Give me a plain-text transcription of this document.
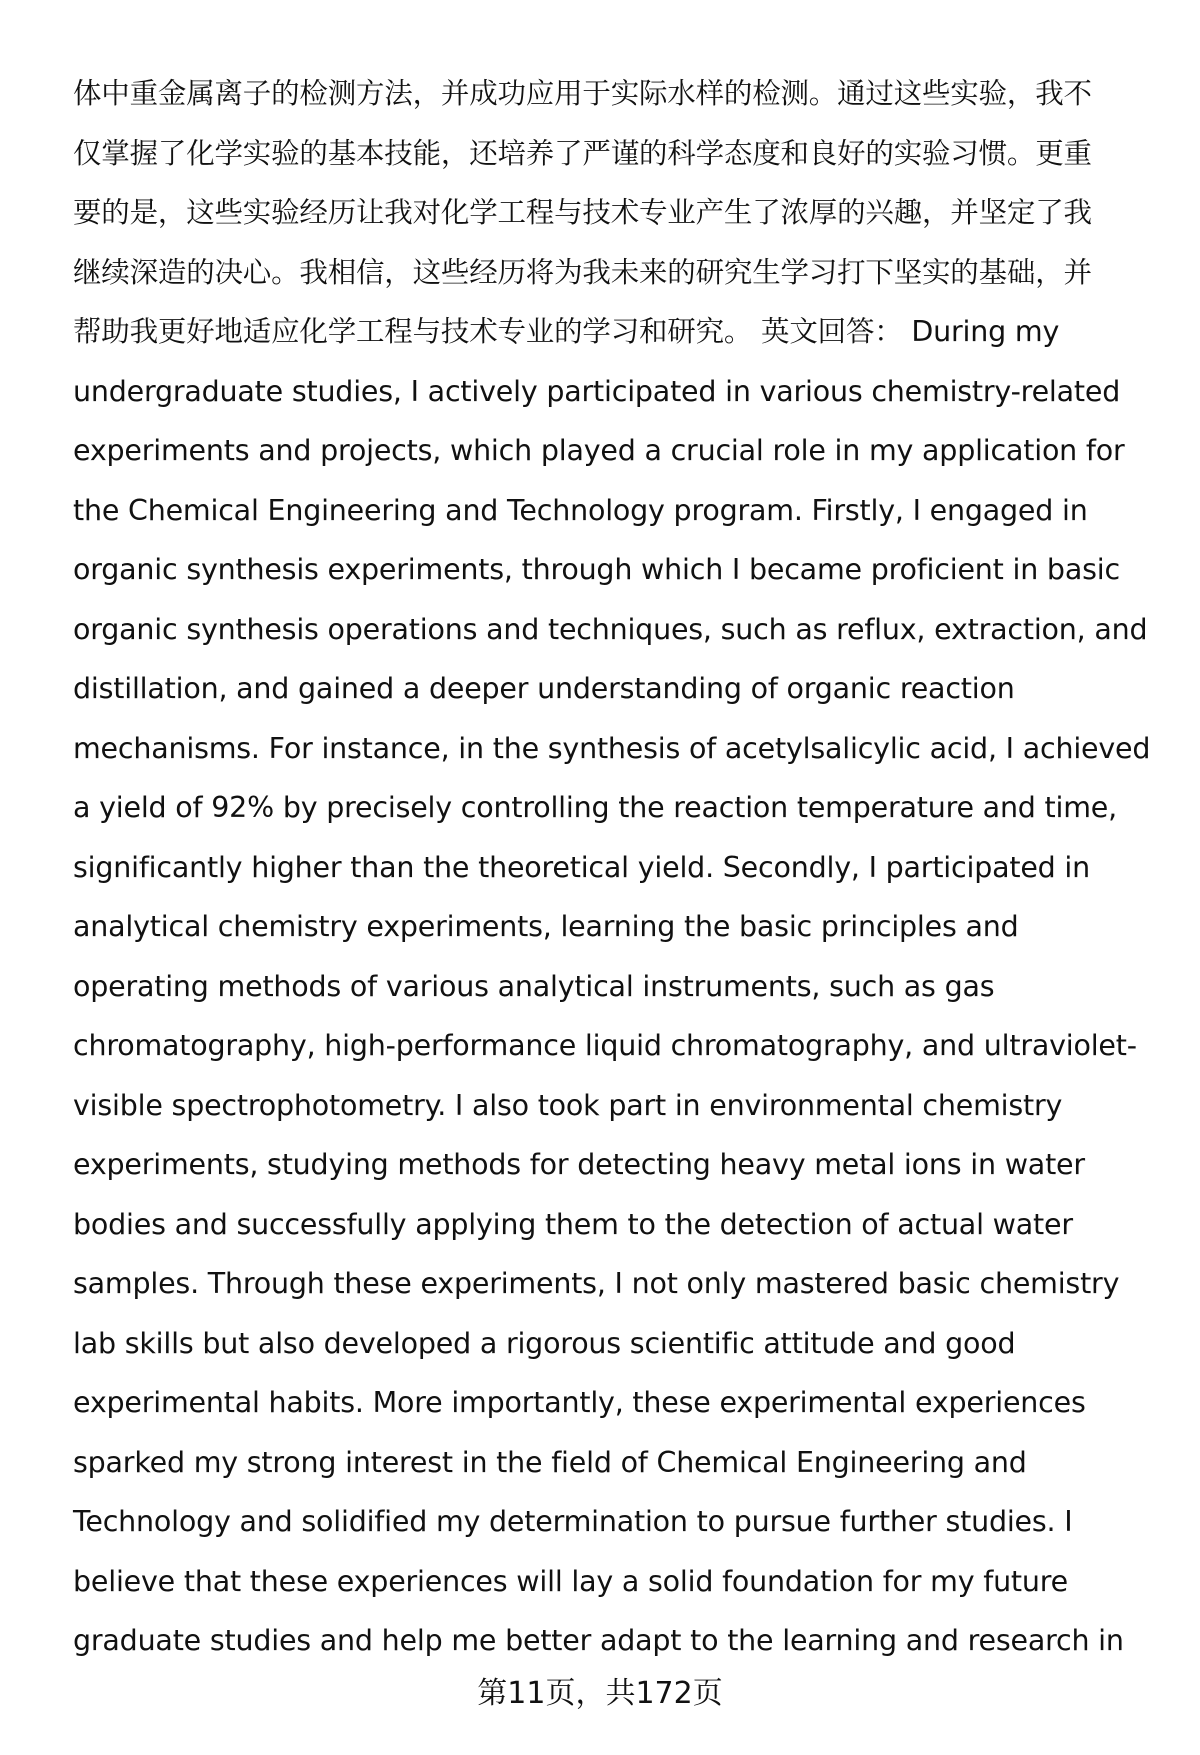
体中重金属离子的检测方法，并成功应用于实际水样的检测。通过这些实验，我不
仅掌握了化学实验的基本技能，还培养了严谨的科学态度和良好的实验习惯。更重
要的是，这些实验经历让我对化学工程与技术专业产生了浓厚的兴趣，并坚定了我
继续深造的决心。我相信，这些经历将为我未来的研究生学习打下坚实的基础，并
帮助我更好地适应化学工程与技术专业的学习和研究。 英文回答： During my
undergraduate studies, I actively participated in various chemistry-related
experiments and projects, which played a crucial role in my application for
the Chemical Engineering and Technology program. Firstly, I engaged in
organic synthesis experiments, through which I became proficient in basic
organic synthesis operations and techniques, such as reflux, extraction, and
distillation, and gained a deeper understanding of organic reaction
mechanisms. For instance, in the synthesis of acetylsalicylic acid, I achieved
a yield of 92% by precisely controlling the reaction temperature and time,
significantly higher than the theoretical yield. Secondly, I participated in
analytical chemistry experiments, learning the basic principles and
operating methods of various analytical instruments, such as gas
chromatography, high-performance liquid chromatography, and ultraviolet-
visible spectrophotometry. I also took part in environmental chemistry
experiments, studying methods for detecting heavy metal ions in water
bodies and successfully applying them to the detection of actual water
samples. Through these experiments, I not only mastered basic chemistry
lab skills but also developed a rigorous scientific attitude and good
experimental habits. More importantly, these experimental experiences
sparked my strong interest in the field of Chemical Engineering and
Technology and solidified my determination to pursue further studies. I
believe that these experiences will lay a solid foundation for my future
graduate studies and help me better adapt to the learning and research in
第11页，共172页
